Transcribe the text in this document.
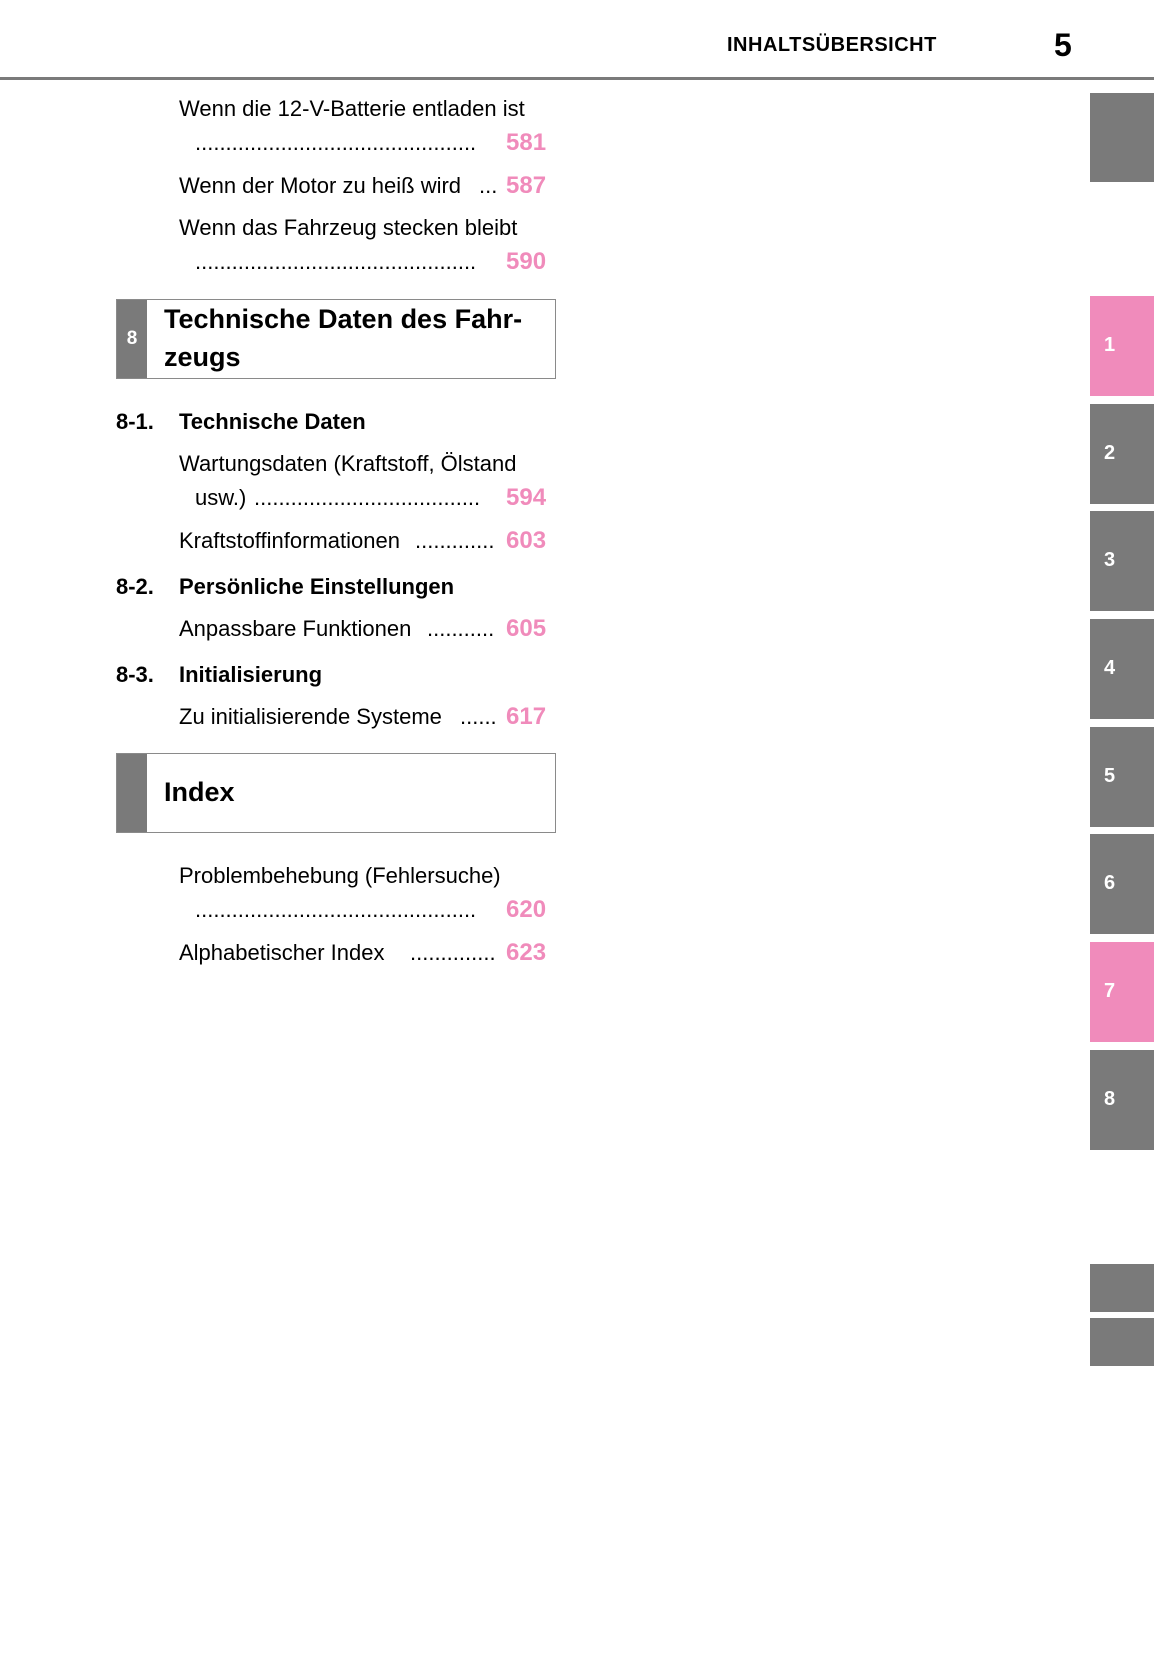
INHALTSÜBERSICHT	5
Wenn die 12-V-Batterie entladen ist
..............................................	581
Wenn der Motor zu heiß wird ... 587
Wenn das Fahrzeug stecken bleibt
..............................................	590
8
Technische Daten des Fahr-
zeugs
8-1. Technische Daten
Wartungsdaten (Kraftstoff, Ölstand
usw.) .....................................	594
Kraftstoffinformationen ............. 603
8-2. Persönliche Einstellungen
Anpassbare Funktionen ........... 605
8-3. Initialisierung
Zu initialisierende Systeme ...... 617
Index
Problembehebung (Fehlersuche)
..............................................	620
Alphabetischer Index .............. 623
1
2
3
4
5
6
7
8
